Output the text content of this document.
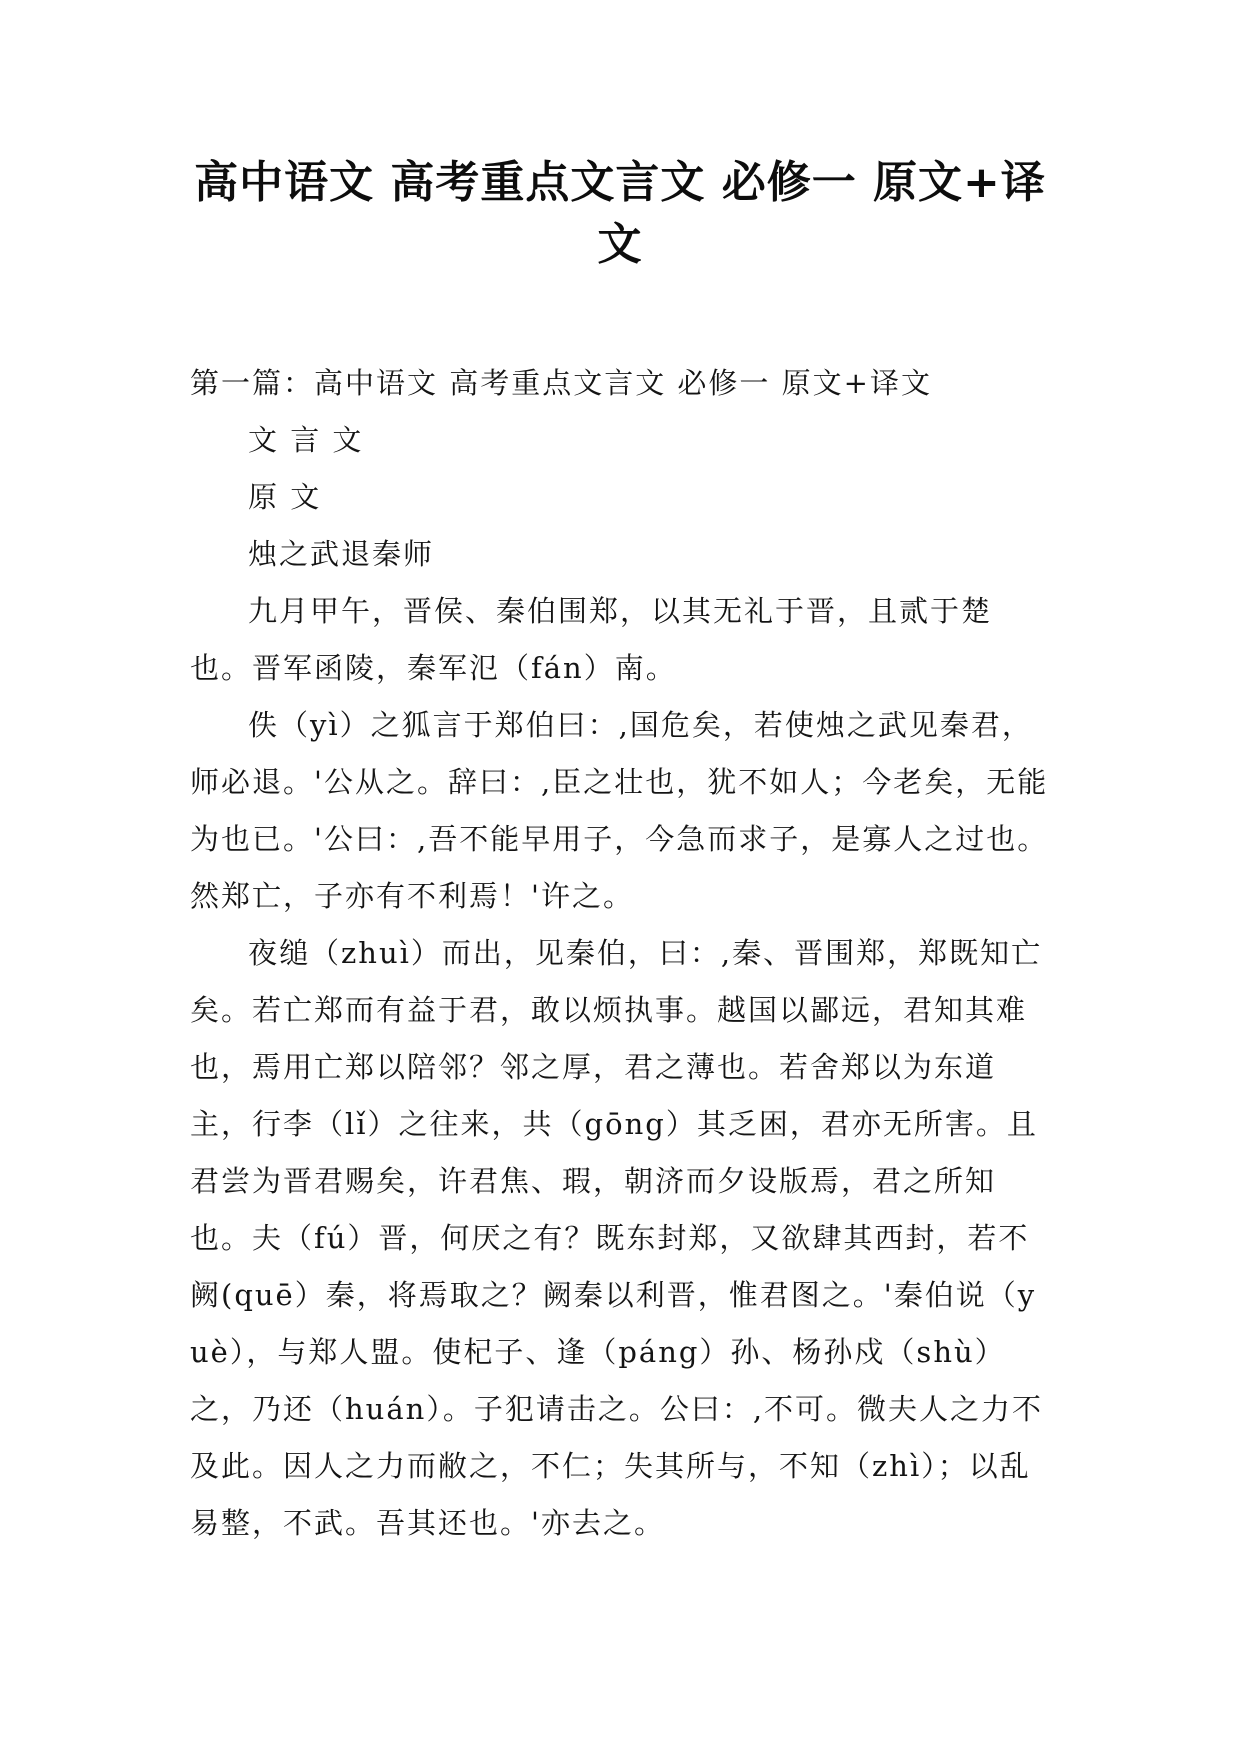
高中语文 高考重点文言文 必修一 原文+译文

第一篇：高中语文 高考重点文言文 必修一 原文+译文

文 言 文

原 文

烛之武退秦师

九月甲午，晋侯、秦伯围郑，以其无礼于晋，且贰于楚也。晋军函陵，秦军氾（fán）南。

佚（yì）之狐言于郑伯曰：,国危矣，若使烛之武见秦君，师必退。'公从之。辞曰：,臣之壮也，犹不如人；今老矣，无能为也已。'公曰：,吾不能早用子，今急而求子，是寡人之过也。然郑亡，子亦有不利焉！'许之。

夜缒（zhuì）而出，见秦伯，曰：,秦、晋围郑，郑既知亡矣。若亡郑而有益于君，敢以烦执事。越国以鄙远，君知其难也，焉用亡郑以陪邻？邻之厚，君之薄也。若舍郑以为东道主，行李（lǐ）之往来，共（gōng）其乏困，君亦无所害。且君尝为晋君赐矣，许君焦、瑕，朝济而夕设版焉，君之所知也。夫（fú）晋，何厌之有？既东封郑，又欲肆其西封，若不阙(quē）秦，将焉取之？阙秦以利晋，惟君图之。'秦伯说（yuè），与郑人盟。使杞子、逢（páng）孙、杨孙戍（shù）之，乃还（huán）。子犯请击之。公曰：,不可。微夫人之力不及此。因人之力而敝之，不仁；失其所与，不知（zhì）；以乱易整，不武。吾其还也。'亦去之。
